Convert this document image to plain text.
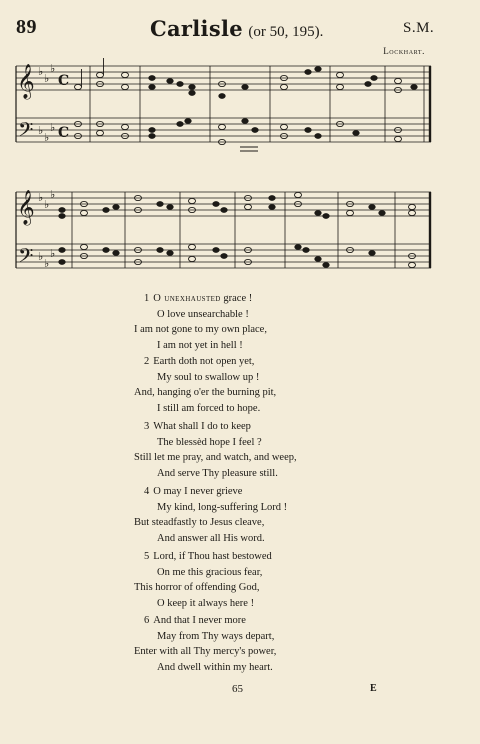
89	Carlisle (or 50, 195).	S.M.
Lockhart.
𝄞
𝄢
♭
♭
♭
♭
♭
♭
C
C
𝄞
𝄢
♭
♭
♭
♭
♭
♭
1 O unexhausted grace !
O love unsearchable !
I am not gone to my own place,
I am not yet in hell !
2 Earth doth not open yet,
My soul to swallow up !
And, hanging o'er the burning pit,
I still am forced to hope.
3 What shall I do to keep
The blessèd hope I feel ?
Still let me pray, and watch, and weep,
And serve Thy pleasure still.
4 O may I never grieve
My kind, long-suffering Lord !
But steadfastly to Jesus cleave,
And answer all His word.
5 Lord, if Thou hast bestowed
On me this gracious fear,
This horror of offending God,
O keep it always here !
6 And that I never more
May from Thy ways depart,
Enter with all Thy mercy's power,
And dwell within my heart.
65	E
